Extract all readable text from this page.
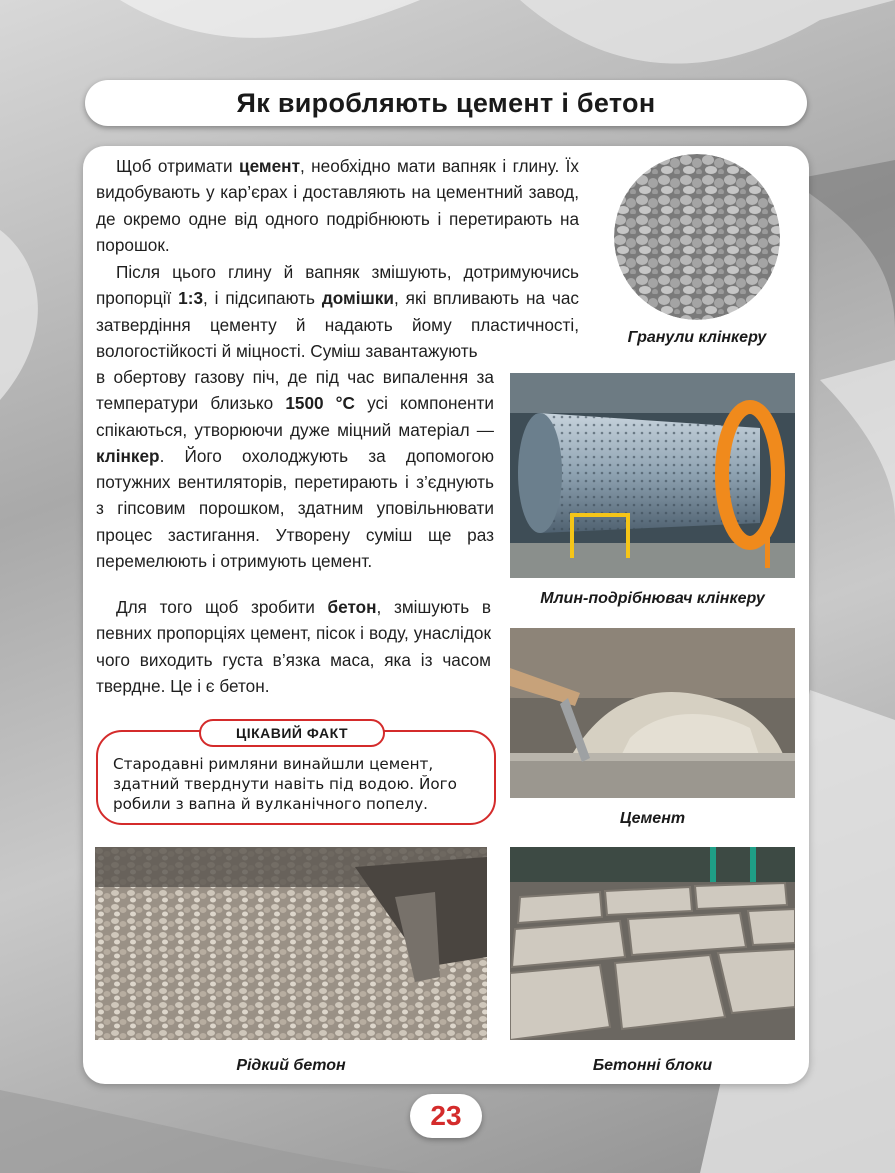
Як виробляють цемент і бетон

Щоб отримати цемент, необхідно мати вапняк і глину. Їх видобувають у кар’єрах і доставляють на цементний завод, де окремо одне від одного подрібнюють і перетирають на порошок.

Після цього глину й вапняк змішують, дотримуючись пропорції 1:3, і підсипають домішки, які впливають на час затвердіння цементу й надають йому пластичності, вологостійкості й міцності. Суміш завантажують

в обертову газову піч, де під час випалення за температури близько 1500 °С усі компоненти спікаються, утворюючи дуже міцний матеріал — клінкер. Його охолоджують за допомогою потужних вентиляторів, перетирають і з’єднують з гіпсовим порошком, здатним уповільнювати процес застигання. Утворену суміш ще раз перемелюють і отримують цемент.

Для того щоб зробити бетон, змішують в певних пропорціях цемент, пісок і воду, унаслідок чого виходить густа в’язка маса, яка із часом твердне. Це і є бетон.

Гранули клінкеру
Млин-подрібнювач клінкеру
Цемент
ЦІКАВИЙ ФАКТ
Стародавні римляни винайшли цемент, здатний тверднути навіть під водою. Його робили з вапна й вулканічного попелу.
Рідкий бетон	Бетонні блоки
23
